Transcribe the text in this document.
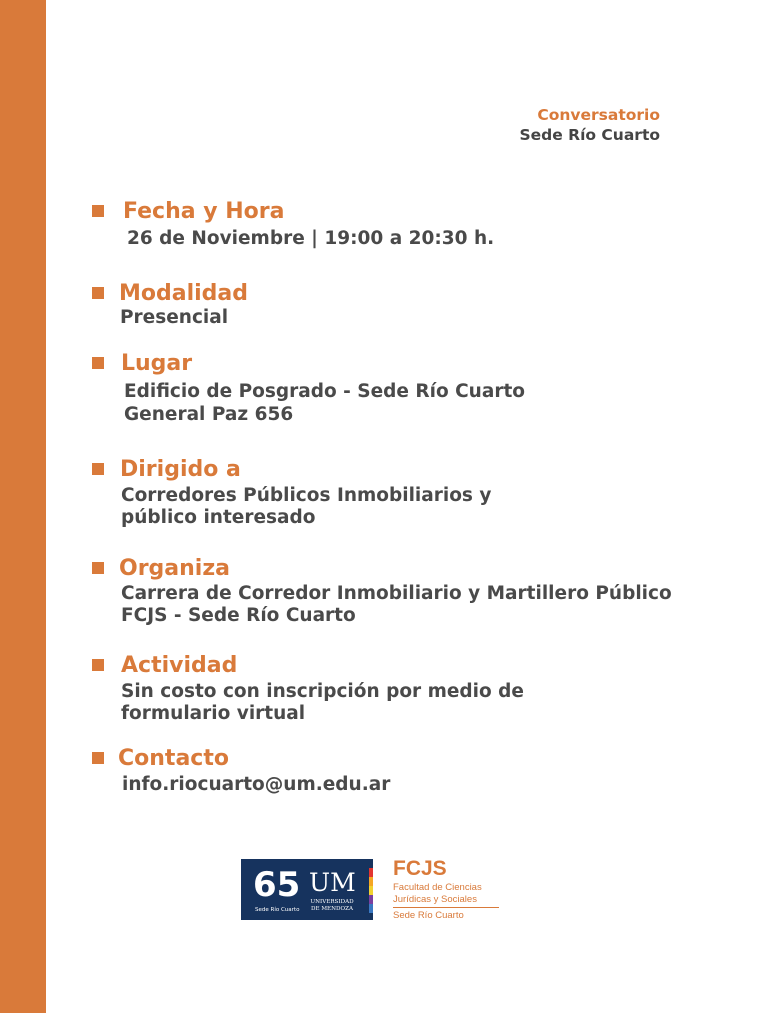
Conversatorio
Sede Río Cuarto
Fecha y Hora
26 de Noviembre | 19:00 a 20:30 h.
Modalidad
Presencial
Lugar
Edificio de Posgrado - Sede Río Cuarto
General Paz 656
Dirigido a
Corredores Públicos Inmobiliarios y
público interesado
Organiza
Carrera de Corredor Inmobiliario y Martillero Público
FCJS - Sede Río Cuarto
Actividad
Sin costo con inscripción por medio de
formulario virtual
Contacto
info.riocuarto@um.edu.ar
65
Sede Río Cuarto
UM
UNIVERSIDAD DE MENDOZA
FCJS
Facultad de Ciencias
Jurídicas y Sociales
Sede Río Cuarto
